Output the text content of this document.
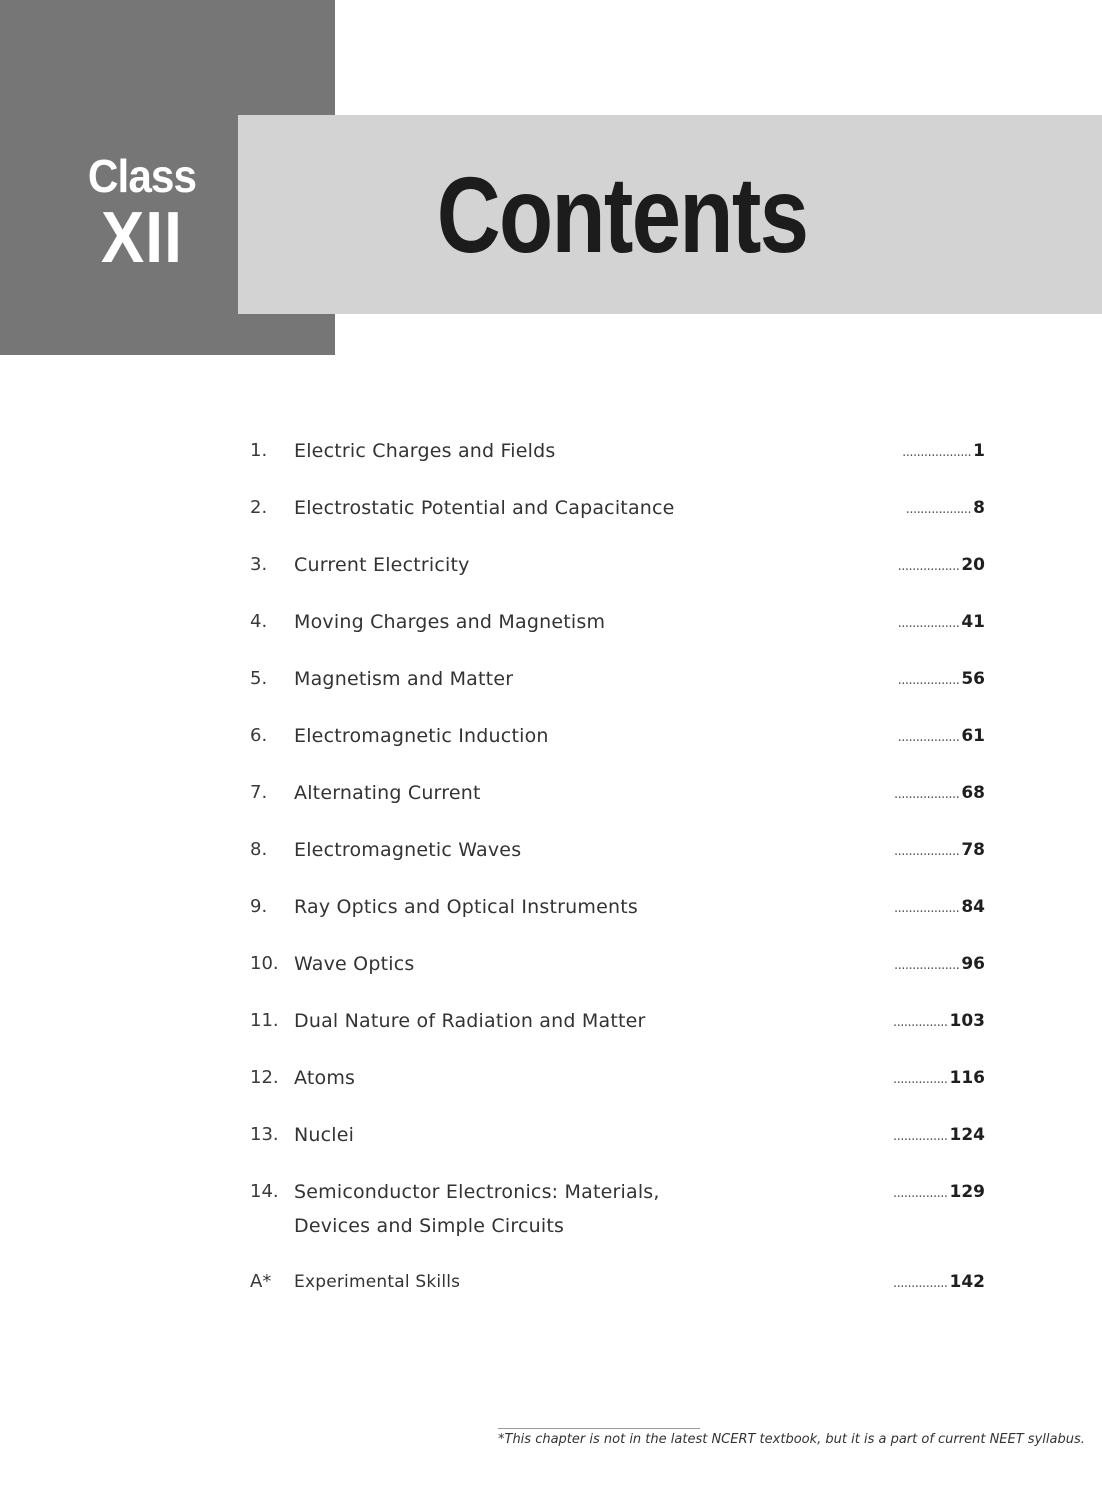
Class
XII	Contents
1.	Electric Charges and Fields	................... 1
2.	Electrostatic Potential and Capacitance	.................. 8
3.	Current Electricity	................. 20
4.	Moving Charges and Magnetism	................. 41
5.	Magnetism and Matter	................. 56
6.	Electromagnetic Induction	................. 61
7.	Alternating Current	.................. 68
8.	Electromagnetic Waves	.................. 78
9.	Ray Optics and Optical Instruments	.................. 84
10. Wave Optics	.................. 96
11. Dual Nature of Radiation and Matter	............... 103
12. Atoms	............... 116
13. Nuclei	............... 124
14. Semiconductor Electronics: Materials,
Devices and Simple Circuits
............... 129
A*	Experimental Skills	............... 142
*This chapter is not in the latest NCERT textbook, but it is a part of current NEET syllabus.
